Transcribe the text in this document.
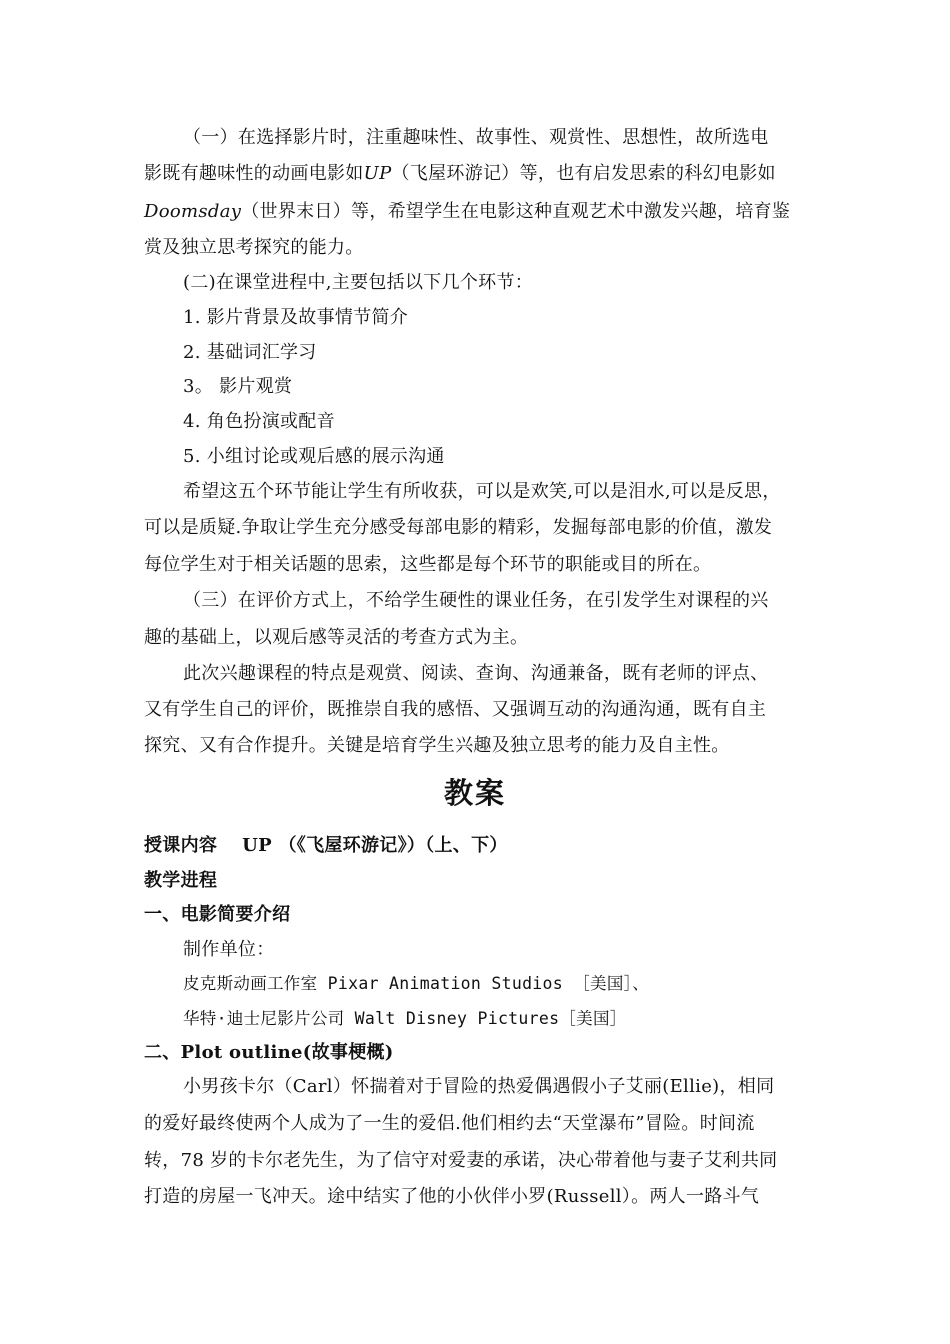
（一）在选择影片时，注重趣味性、故事性、观赏性、思想性，故所选电
影既有趣味性的动画电影如UP（飞屋环游记）等，也有启发思索的科幻电影如
Doomsday（世界末日）等，希望学生在电影这种直观艺术中激发兴趣，培育鉴
赏及独立思考探究的能力。
(二)在课堂进程中,主要包括以下几个环节：
1. 影片背景及故事情节简介
2. 基础词汇学习
3。 影片观赏
4. 角色扮演或配音
5. 小组讨论或观后感的展示沟通
希望这五个环节能让学生有所收获，可以是欢笑,可以是泪水,可以是反思，
可以是质疑.争取让学生充分感受每部电影的精彩，发掘每部电影的价值，激发
每位学生对于相关话题的思索，这些都是每个环节的职能或目的所在。
（三）在评价方式上，不给学生硬性的课业任务，在引发学生对课程的兴
趣的基础上，以观后感等灵活的考查方式为主。
此次兴趣课程的特点是观赏、阅读、查询、沟通兼备，既有老师的评点、
又有学生自己的评价，既推崇自我的感悟、又强调互动的沟通沟通，既有自主
探究、又有合作提升。关键是培育学生兴趣及独立思考的能力及自主性。
教案
授课内容　 UP （《飞屋环游记》）（上、下）
教学进程
一、电影简要介绍
制作单位：
皮克斯动画工作室 Pixar Animation Studios ［美国］、
华特·迪士尼影片公司 Walt Disney Pictures［美国］
二、Plot outline(故事梗概)
小男孩卡尔（Carl）怀揣着对于冒险的热爱偶遇假小子艾丽(Ellie)，相同
的爱好最终使两个人成为了一生的爱侣.他们相约去“天堂瀑布”冒险。时间流
转，78 岁的卡尔老先生，为了信守对爱妻的承诺，决心带着他与妻子艾利共同
打造的房屋一飞冲天。途中结实了他的小伙伴小罗(Russell）。两人一路斗气
